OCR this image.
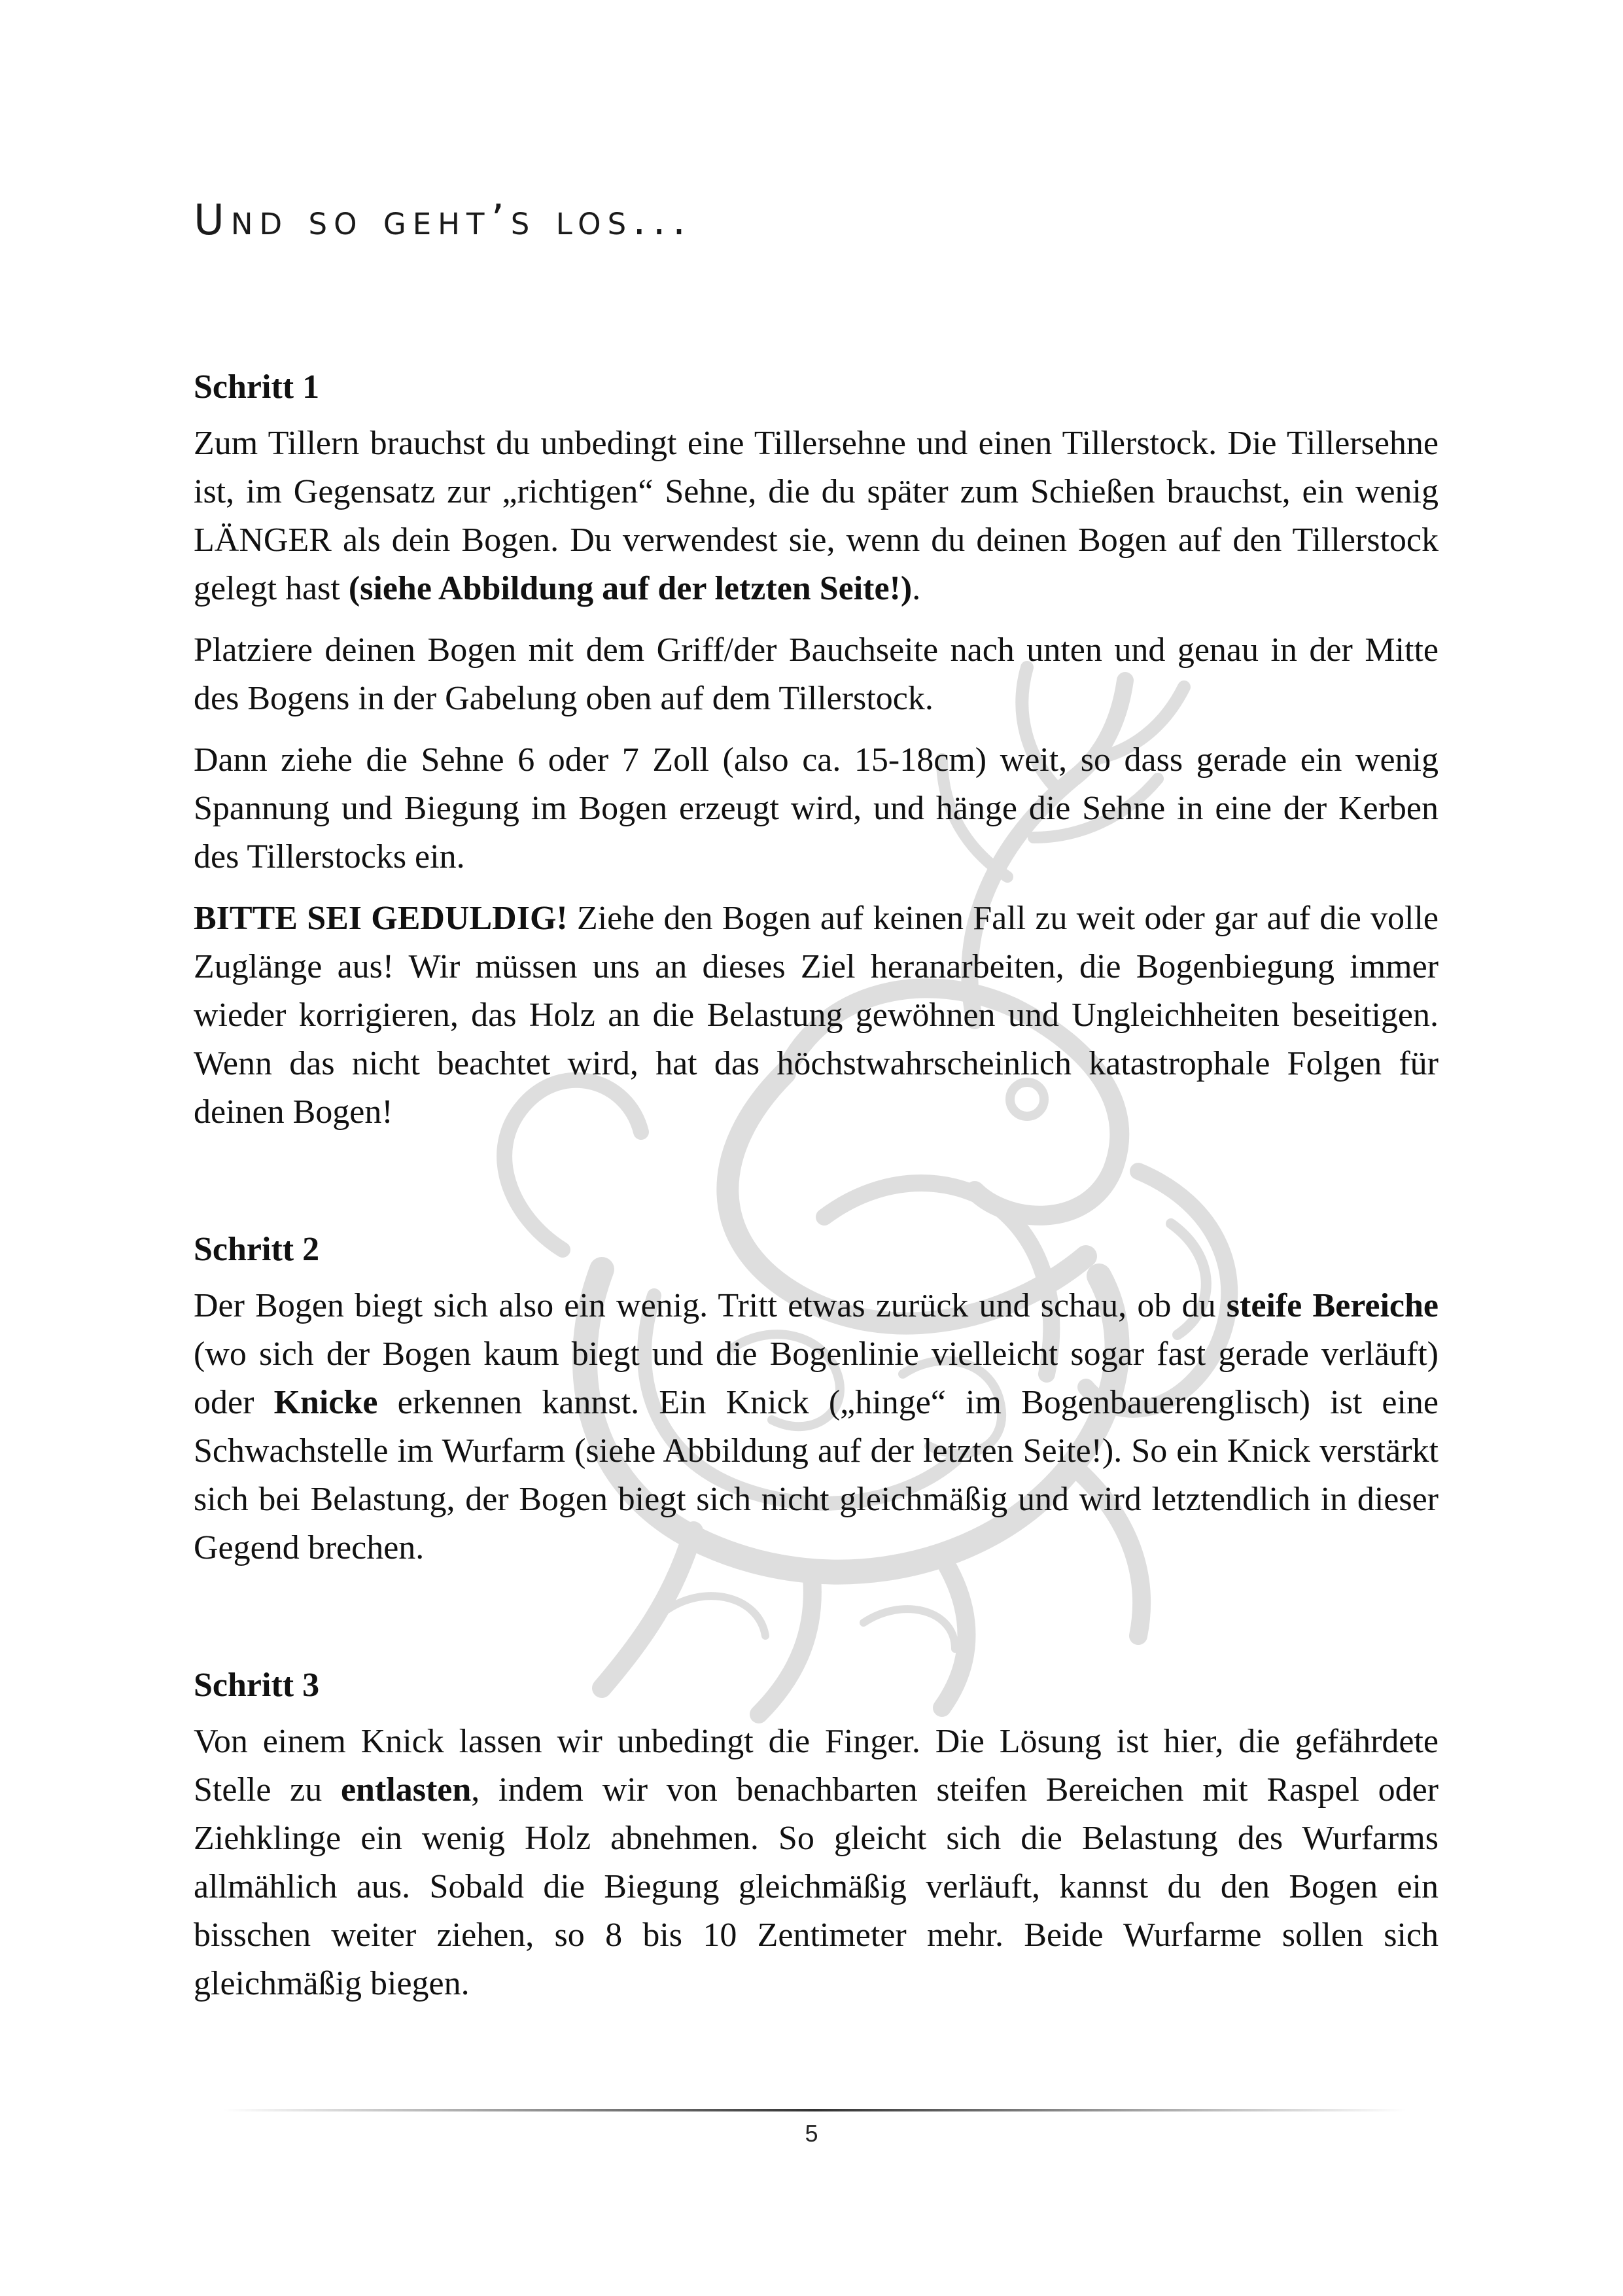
Und so geht’s los...
Schritt 1

Zum Tillern brauchst du unbedingt eine Tillersehne und einen Tillerstock. Die Tillersehne ist, im Gegensatz zur „richtigen“ Sehne, die du später zum Schießen brauchst, ein wenig LÄNGER als dein Bogen. Du verwendest sie, wenn du deinen Bogen auf den Tillerstock gelegt hast (siehe Abbildung auf der letzten Seite!).

Platziere deinen Bogen mit dem Griff/der Bauchseite nach unten und genau in der Mitte des Bogens in der Gabelung oben auf dem Tillerstock.

Dann ziehe die Sehne 6 oder 7 Zoll (also ca. 15-18cm) weit, so dass gerade ein wenig Spannung und Biegung im Bogen erzeugt wird, und hänge die Sehne in eine der Kerben des Tillerstocks ein.

BITTE SEI GEDULDIG! Ziehe den Bogen auf keinen Fall zu weit oder gar auf die volle Zuglänge aus! Wir müssen uns an dieses Ziel heranarbeiten, die Bogenbiegung immer wieder korrigieren, das Holz an die Belastung gewöhnen und Ungleichheiten beseitigen. Wenn das nicht beachtet wird, hat das höchstwahrscheinlich katastrophale Folgen für deinen Bogen!

Schritt 2

Der Bogen biegt sich also ein wenig. Tritt etwas zurück und schau, ob du steife Bereiche (wo sich der Bogen kaum biegt und die Bogenlinie vielleicht sogar fast gerade verläuft) oder Knicke erkennen kannst. Ein Knick („hinge“ im Bogenbauerenglisch) ist eine Schwachstelle im Wurfarm (siehe Abbildung auf der letzten Seite!). So ein Knick verstärkt sich bei Belastung, der Bogen biegt sich nicht gleichmäßig und wird letztendlich in dieser Gegend brechen.

Schritt 3

Von einem Knick lassen wir unbedingt die Finger. Die Lösung ist hier, die gefährdete Stelle zu entlasten, indem wir von benachbarten steifen Bereichen mit Raspel oder Ziehklinge ein wenig Holz abnehmen. So gleicht sich die Belastung des Wurfarms allmählich aus. Sobald die Biegung gleichmäßig verläuft, kannst du den Bogen ein bisschen weiter ziehen, so 8 bis 10 Zentimeter mehr. Beide Wurfarme sollen sich gleichmäßig biegen.

5
